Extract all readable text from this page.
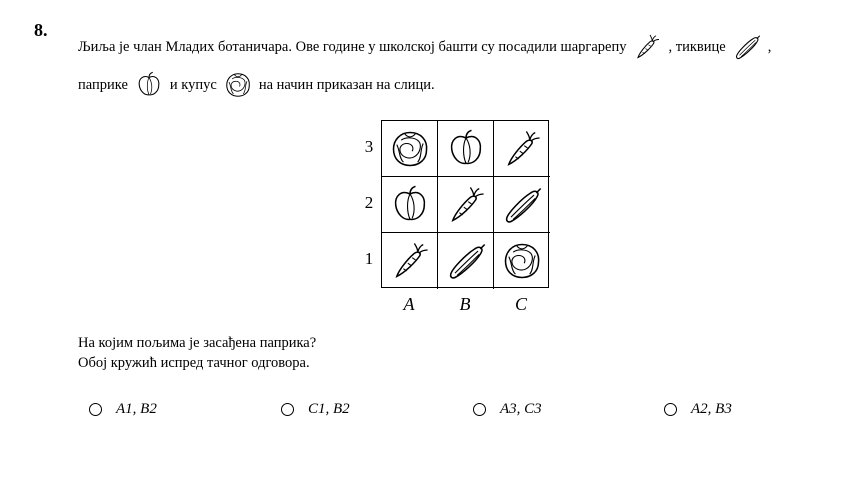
8.
Љиља је члан Младих ботаничара. Ове године у школској башти су посадили шаргарепу	, тиквице	,
паприке	и купус	на начин приказан на слици.
3
2
1
A	B	C
На којим пољима је засађена паприка?
Обој кружић испред тачног одговора.
A1, B2	C1, B2	A3, C3	A2, B3
